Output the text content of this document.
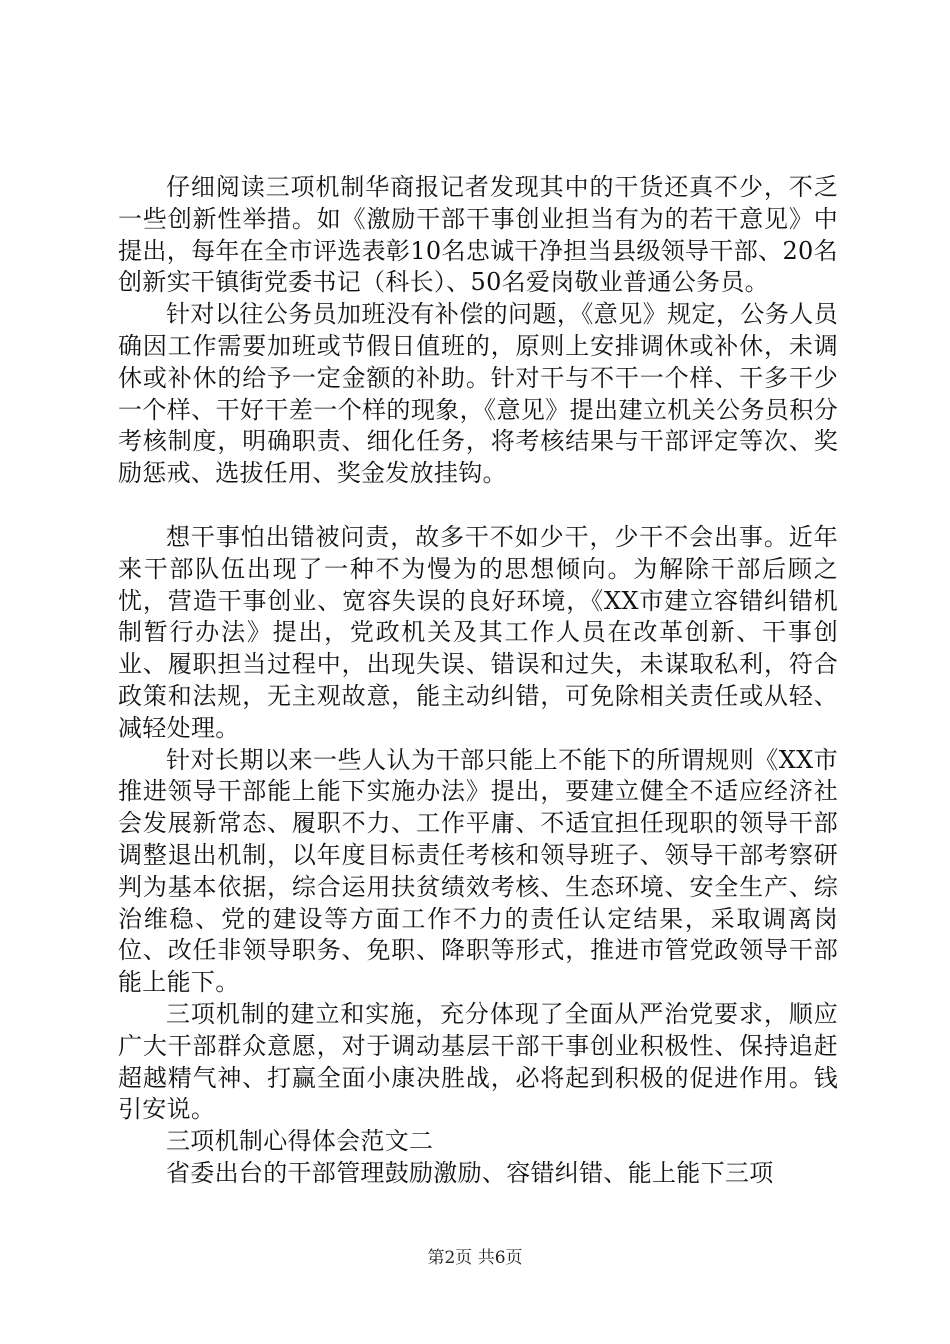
仔细阅读三项机制华商报记者发现其中的干货还真不少，不乏一些创新性举措。如《激励干部干事创业担当有为的若干意见》中提出，每年在全市评选表彰10名忠诚干净担当县级领导干部、20名创新实干镇街党委书记（科长）、50名爱岗敬业普通公务员。

针对以往公务员加班没有补偿的问题，《意见》规定，公务人员确因工作需要加班或节假日值班的，原则上安排调休或补休，未调休或补休的给予一定金额的补助。针对干与不干一个样、干多干少一个样、干好干差一个样的现象，《意见》提出建立机关公务员积分考核制度，明确职责、细化任务，将考核结果与干部评定等次、奖励惩戒、选拔任用、奖金发放挂钩。

想干事怕出错被问责，故多干不如少干，少干不会出事。近年来干部队伍出现了一种不为慢为的思想倾向。为解除干部后顾之忧，营造干事创业、宽容失误的良好环境，《XX市建立容错纠错机制暂行办法》提出，党政机关及其工作人员在改革创新、干事创业、履职担当过程中，出现失误、错误和过失，未谋取私利，符合政策和法规，无主观故意，能主动纠错，可免除相关责任或从轻、减轻处理。

针对长期以来一些人认为干部只能上不能下的所谓规则《XX市推进领导干部能上能下实施办法》提出，要建立健全不适应经济社会发展新常态、履职不力、工作平庸、不适宜担任现职的领导干部调整退出机制，以年度目标责任考核和领导班子、领导干部考察研判为基本依据，综合运用扶贫绩效考核、生态环境、安全生产、综治维稳、党的建设等方面工作不力的责任认定结果，采取调离岗位、改任非领导职务、免职、降职等形式，推进市管党政领导干部能上能下。

三项机制的建立和实施，充分体现了全面从严治党要求，顺应广大干部群众意愿，对于调动基层干部干事创业积极性、保持追赶超越精气神、打赢全面小康决胜战，必将起到积极的促进作用。钱引安说。

三项机制心得体会范文二

省委出台的干部管理鼓励激励、容错纠错、能上能下三项

第2页 共6页
